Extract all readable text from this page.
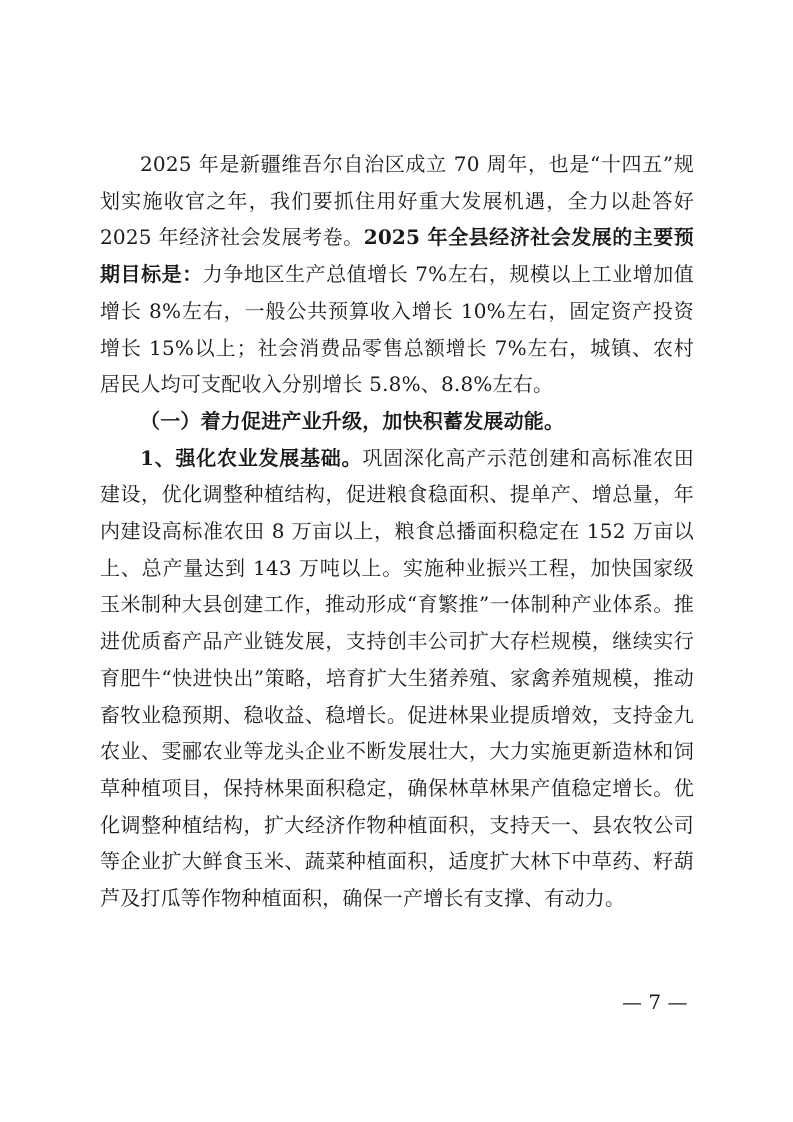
2025 年是新疆维吾尔自治区成立 70 周年，也是“十四五”规划实施收官之年，我们要抓住用好重大发展机遇，全力以赴答好 2025 年经济社会发展考卷。2025 年全县经济社会发展的主要预期目标是：力争地区生产总值增长 7%左右，规模以上工业增加值增长 8%左右，一般公共预算收入增长 10%左右，固定资产投资增长 15%以上；社会消费品零售总额增长 7%左右，城镇、农村居民人均可支配收入分别增长 5.8%、8.8%左右。

（一）着力促进产业升级，加快积蓄发展动能。

1、强化农业发展基础。巩固深化高产示范创建和高标准农田建设，优化调整种植结构，促进粮食稳面积、提单产、增总量，年内建设高标准农田 8 万亩以上，粮食总播面积稳定在 152 万亩以上、总产量达到 143 万吨以上。实施种业振兴工程，加快国家级玉米制种大县创建工作，推动形成“育繁推”一体制种产业体系。推进优质畜产品产业链发展，支持创丰公司扩大存栏规模，继续实行育肥牛“快进快出”策略，培育扩大生猪养殖、家禽养殖规模，推动畜牧业稳预期、稳收益、稳增长。促进林果业提质增效，支持金九农业、雯郦农业等龙头企业不断发展壮大，大力实施更新造林和饲草种植项目，保持林果面积稳定，确保林草林果产值稳定增长。优化调整种植结构，扩大经济作物种植面积，支持天一、县农牧公司等企业扩大鲜食玉米、蔬菜种植面积，适度扩大林下中草药、籽葫芦及打瓜等作物种植面积，确保一产增长有支撑、有动力。

— 7 —
